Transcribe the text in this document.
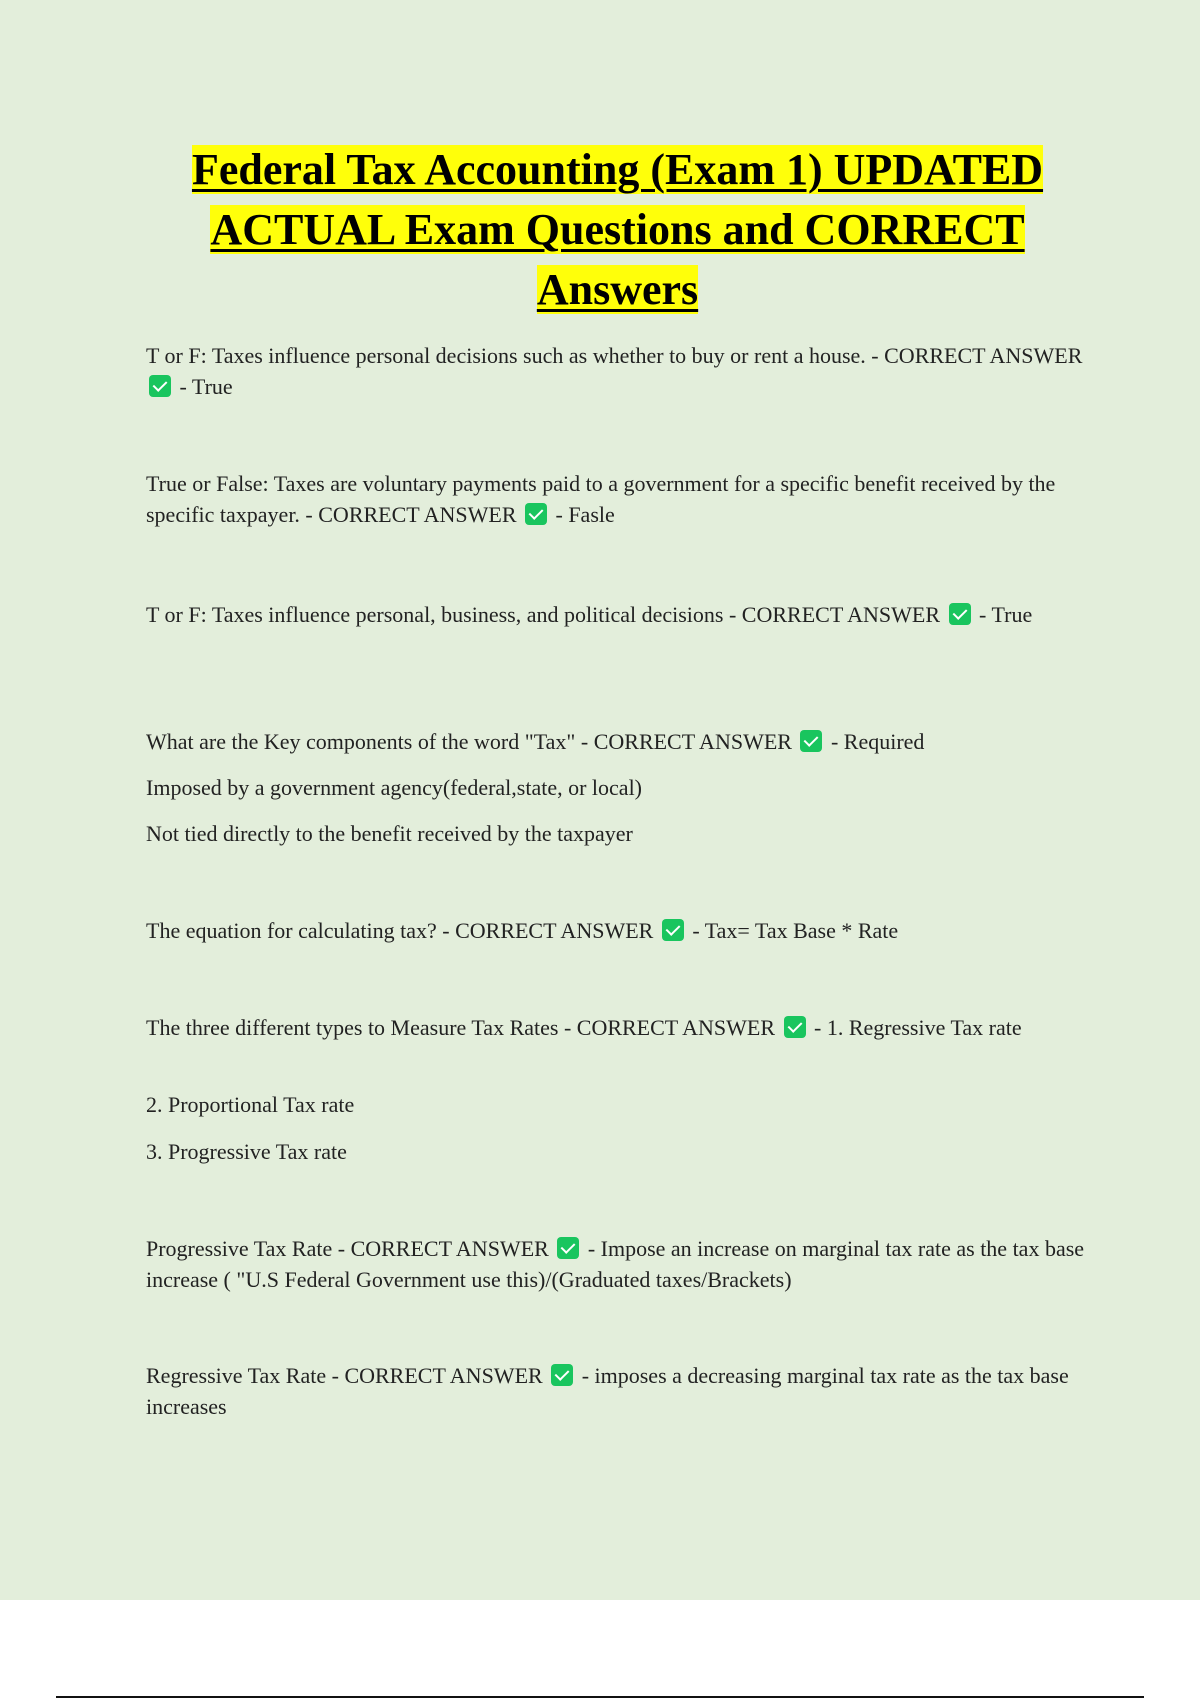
Federal Tax Accounting (Exam 1) UPDATED ACTUAL Exam Questions and CORRECT Answers
T or F: Taxes influence personal decisions such as whether to buy or rent a house. - CORRECT ANSWER  - True
True or False: Taxes are voluntary payments paid to a government for a specific benefit received by the specific taxpayer. - CORRECT ANSWER - Fasle
T or F: Taxes influence personal, business, and political decisions - CORRECT ANSWER - True
What are the Key components of the word "Tax" - CORRECT ANSWER - Required
Imposed by a government agency(federal,state, or local)
Not tied directly to the benefit received by the taxpayer
The equation for calculating tax? - CORRECT ANSWER - Tax= Tax Base * Rate
The three different types to Measure Tax Rates - CORRECT ANSWER - 1. Regressive Tax rate
2. Proportional Tax rate
3. Progressive Tax rate
Progressive Tax Rate - CORRECT ANSWER - Impose an increase on marginal tax rate as the tax base increase ( "U.S Federal Government use this)/(Graduated taxes/Brackets)
Regressive Tax Rate - CORRECT ANSWER - imposes a decreasing marginal tax rate as the tax base increases
